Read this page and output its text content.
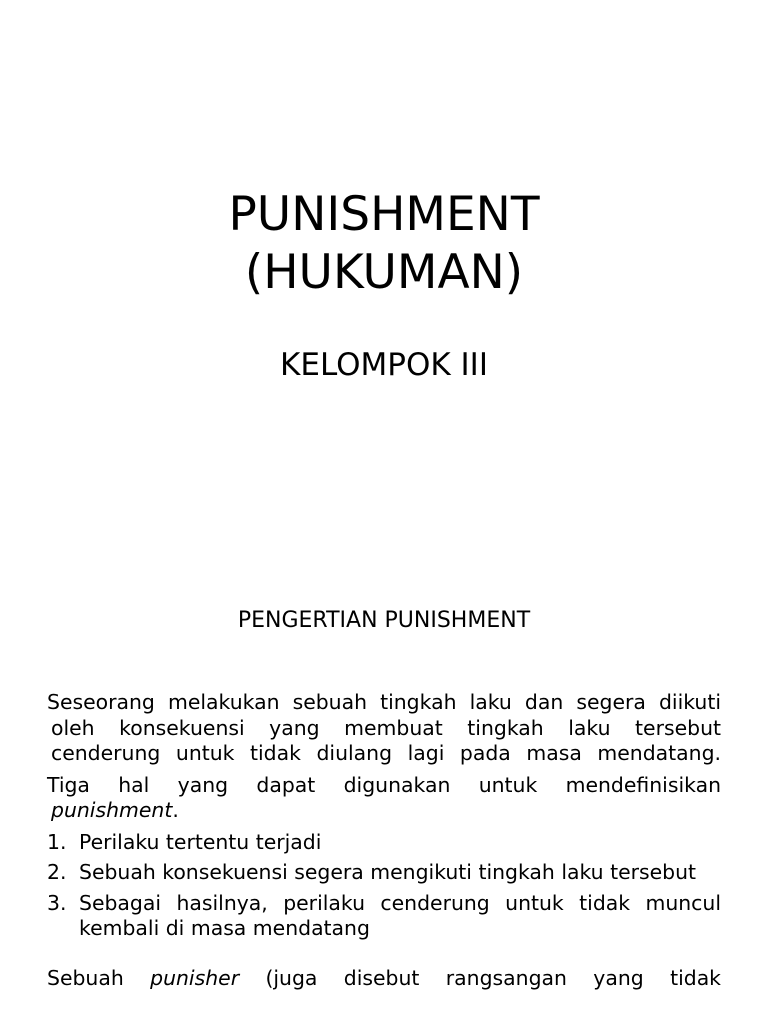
PUNISHMENT
(HUKUMAN)
KELOMPOK III
PENGERTIAN PUNISHMENT

Seseorang melakukan sebuah tingkah laku dan segera diikuti oleh konsekuensi yang membuat tingkah laku tersebut cenderung untuk tidak diulang lagi pada masa mendatang.

Tiga hal yang dapat digunakan untuk mendefinisikan punishment.

1. Perilaku tertentu terjadi
2. Sebuah konsekuensi segera mengikuti tingkah laku tersebut
3. Sebagai hasilnya, perilaku cenderung untuk tidak muncul kembali di masa mendatang

Sebuah punisher (juga disebut rangsangan yang tidak
